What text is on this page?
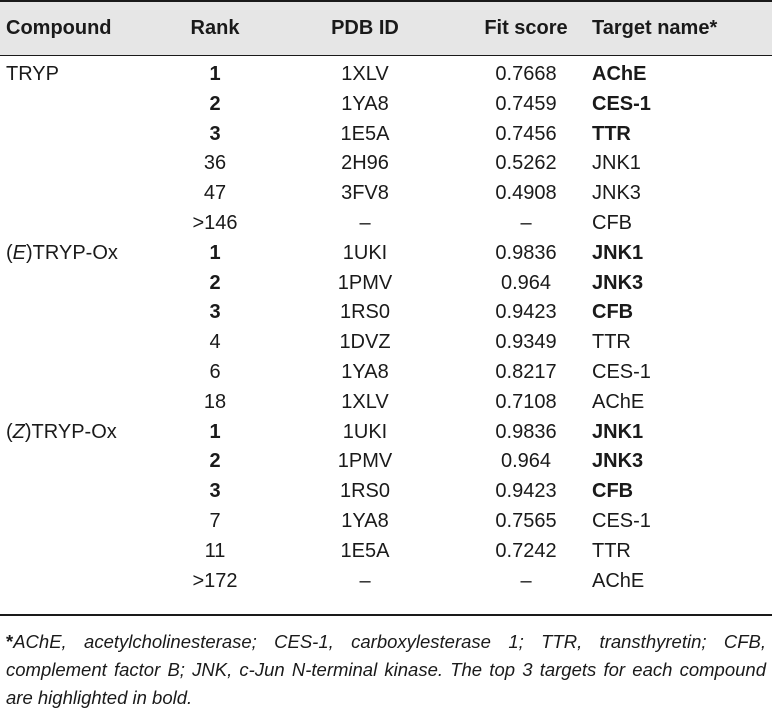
Compound	Rank	PDB ID	Fit score	Target name*
TRYP	1	1XLV	0.7668	AChE
	2	1YA8	0.7459	CES-1
	3	1E5A	0.7456	TTR
	36	2H96	0.5262	JNK1
	47	3FV8	0.4908	JNK3
	>146	–	–	CFB
(E)TRYP-Ox	1	1UKI	0.9836	JNK1
	2	1PMV	0.964	JNK3
	3	1RS0	0.9423	CFB
	4	1DVZ	0.9349	TTR
	6	1YA8	0.8217	CES-1
	18	1XLV	0.7108	AChE
(Z)TRYP-Ox	1	1UKI	0.9836	JNK1
	2	1PMV	0.964	JNK3
	3	1RS0	0.9423	CFB
	7	1YA8	0.7565	CES-1
	11	1E5A	0.7242	TTR
	>172	–	–	AChE
*AChE, acetylcholinesterase; CES-1, carboxylesterase 1; TTR, transthyretin; CFB, complement factor B; JNK, c-Jun N-terminal kinase. The top 3 targets for each compound are highlighted in bold.
